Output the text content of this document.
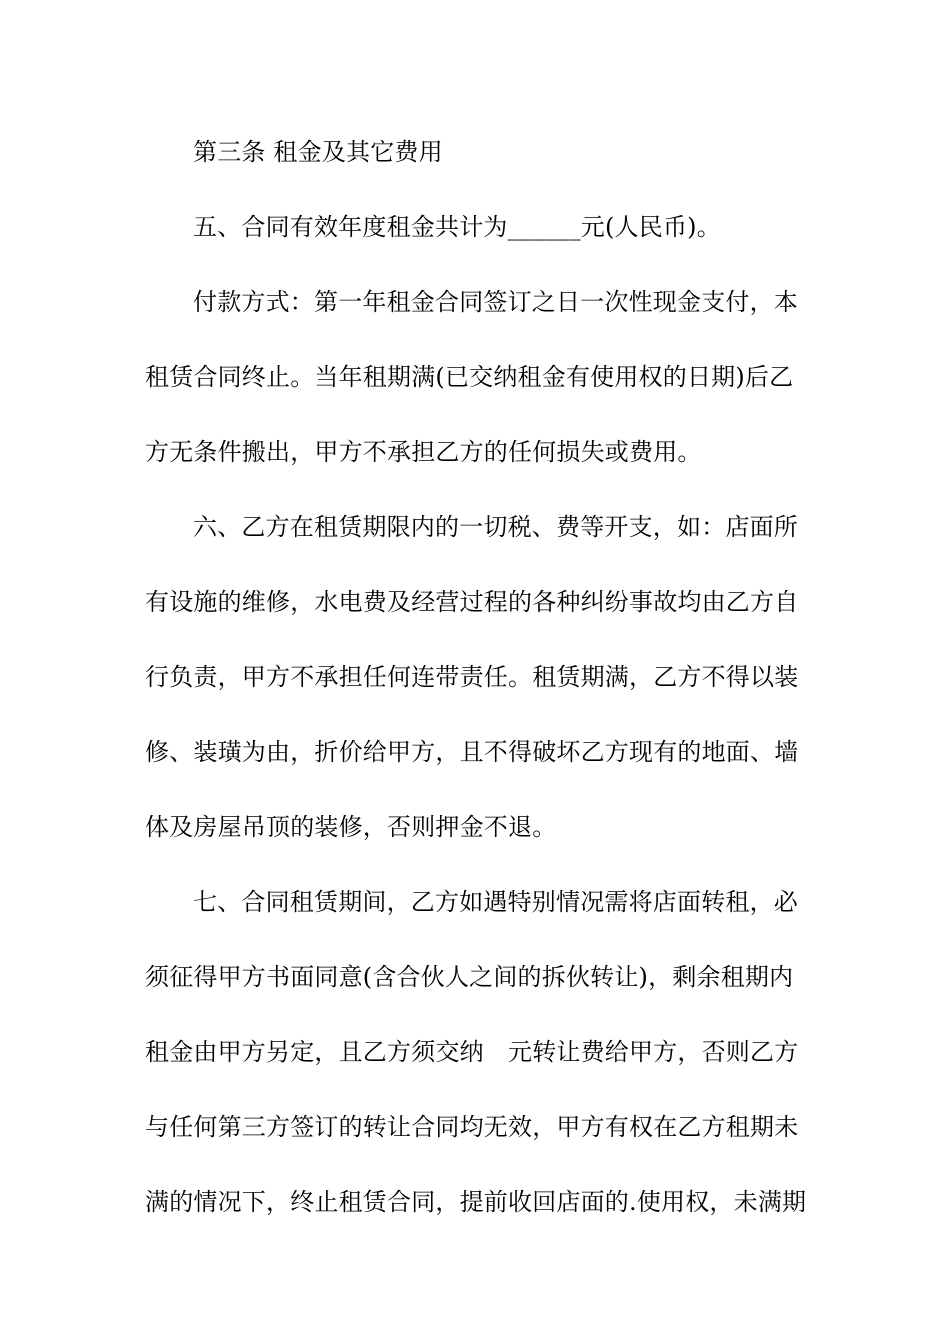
第三条 租金及其它费用
五、合同有效年度租金共计为______元(人民币)。
付款方式：第一年租金合同签订之日一次性现金支付，本
租赁合同终止。当年租期满(已交纳租金有使用权的日期)后乙
方无条件搬出，甲方不承担乙方的任何损失或费用。
六、乙方在租赁期限内的一切税、费等开支，如：店面所
有设施的维修，水电费及经营过程的各种纠纷事故均由乙方自
行负责，甲方不承担任何连带责任。租赁期满，乙方不得以装
修、装璜为由，折价给甲方，且不得破坏乙方现有的地面、墙
体及房屋吊顶的装修，否则押金不退。
七、合同租赁期间，乙方如遇特别情况需将店面转租，必
须征得甲方书面同意(含合伙人之间的拆伙转让)，剩余租期内
租金由甲方另定，且乙方须交纳　元转让费给甲方，否则乙方
与任何第三方签订的转让合同均无效，甲方有权在乙方租期未
满的情况下，终止租赁合同，提前收回店面的.使用权，未满期
